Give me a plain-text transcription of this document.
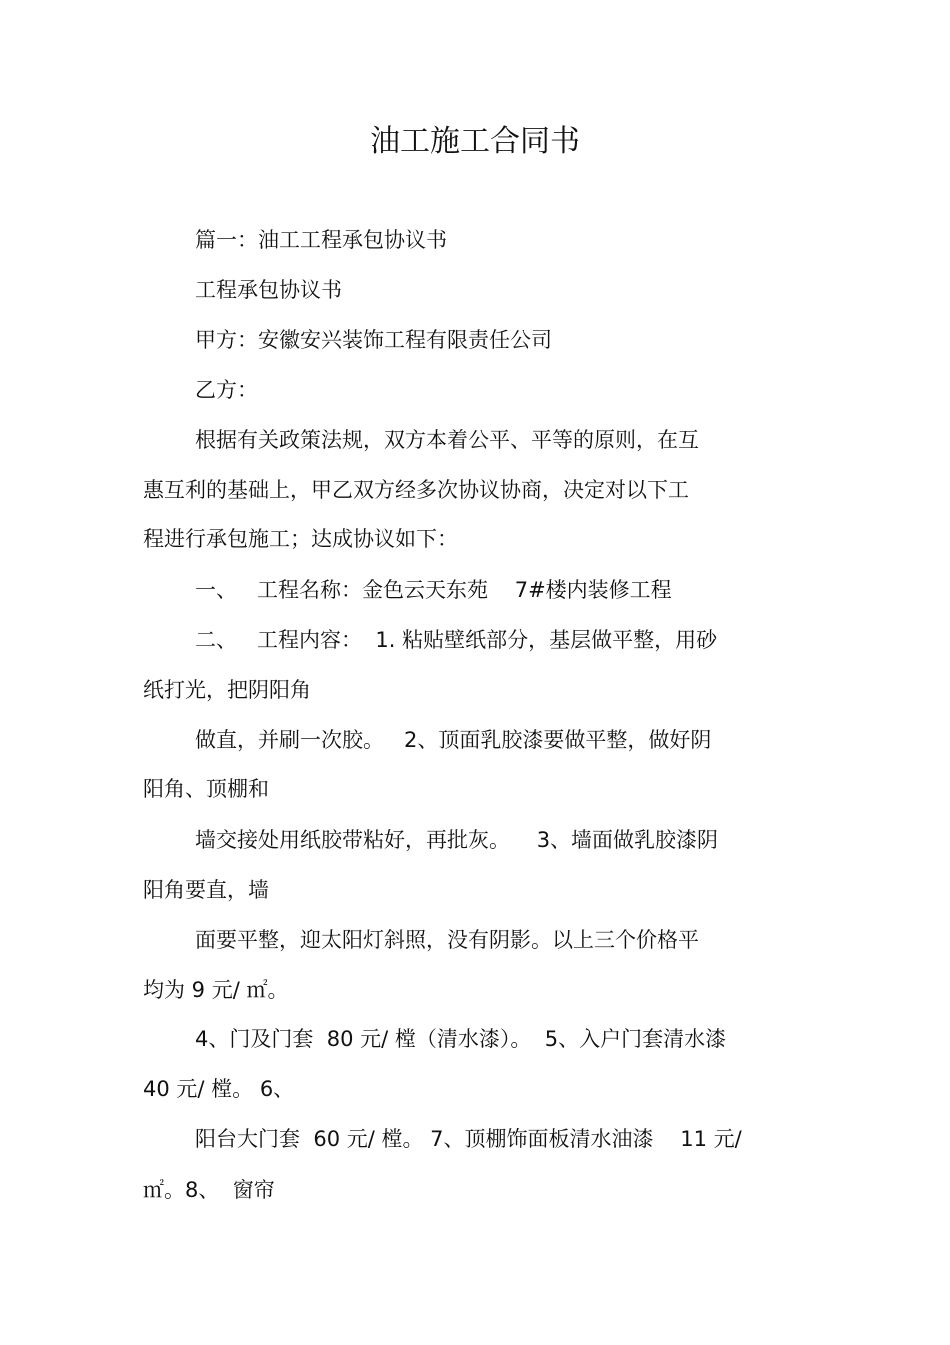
油工施工合同书
篇一：油工工程承包协议书
工程承包协议书
甲方：安徽安兴装饰工程有限责任公司
乙方：
根据有关政策法规，双方本着公平、平等的原则，在互
惠互利的基础上，甲乙双方经多次协议协商，决定对以下工
程进行承包施工；达成协议如下：
一、   工程名称：金色云天东苑    7#楼内装修工程
二、   工程内容：  1. 粘贴壁纸部分，基层做平整，用砂
纸打光，把阴阳角
做直，并刷一次胶。   2、顶面乳胶漆要做平整，做好阴
阳角、顶棚和
墙交接处用纸胶带粘好，再批灰。    3、墙面做乳胶漆阴
阳角要直，墙
面要平整，迎太阳灯斜照，没有阴影。以上三个价格平
均为 9 元/ ㎡。
4、门及门套  80 元/ 樘（清水漆）。  5、入户门套清水漆
40 元/ 樘。 6、
阳台大门套  60 元/ 樘。 7、顶棚饰面板清水油漆    11 元/
㎡。8、  窗帘
